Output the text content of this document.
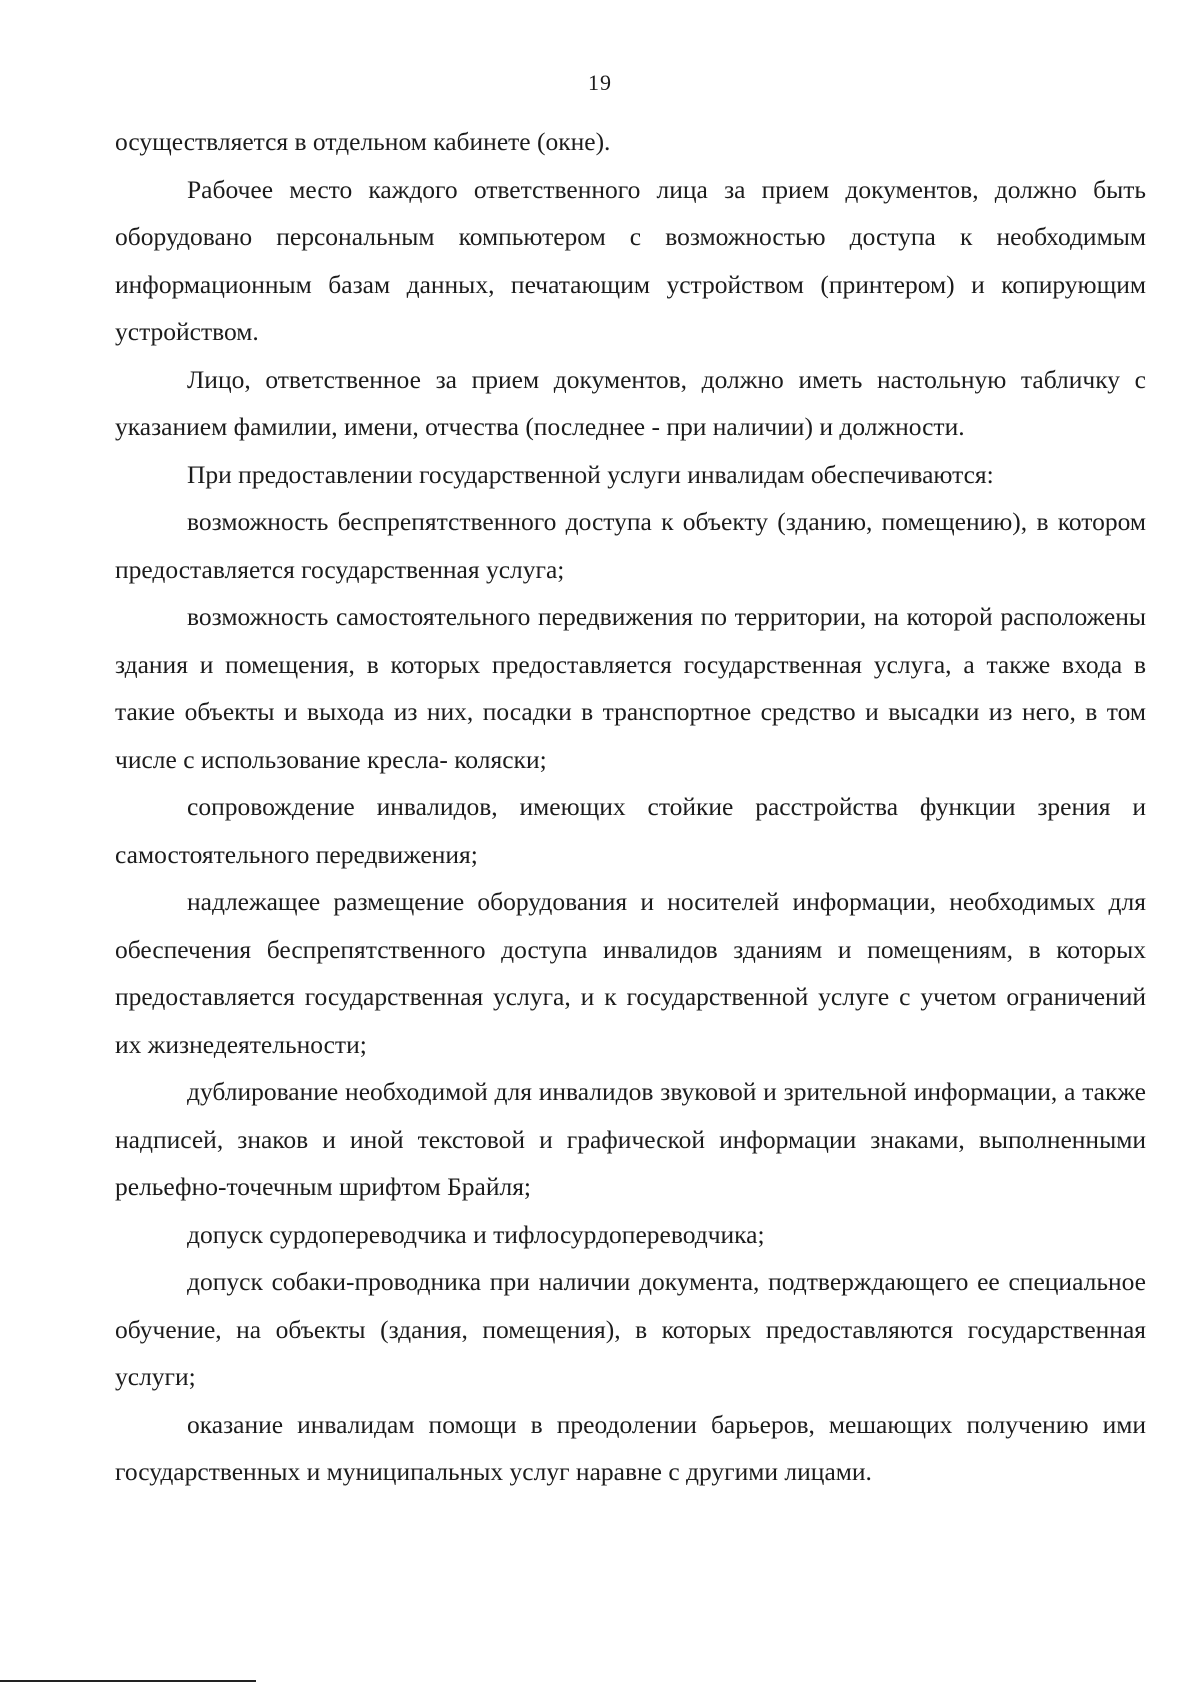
19

осуществляется в отдельном кабинете (окне).

Рабочее место каждого ответственного лица за прием документов, должно быть оборудовано персональным компьютером с возможностью доступа к необходимым информационным базам данных, печатающим устройством (принтером) и копирующим устройством.

Лицо, ответственное за прием документов, должно иметь настольную табличку с указанием фамилии, имени, отчества (последнее - при наличии) и должности.

При предоставлении государственной услуги инвалидам обеспечиваются:

возможность беспрепятственного доступа к объекту (зданию, помещению), в котором предоставляется государственная услуга;

возможность самостоятельного передвижения по территории, на которой расположены здания и помещения, в которых предоставляется государственная услуга, а также входа в такие объекты и выхода из них, посадки в транспортное средство и высадки из него, в том числе с использование кресла- коляски;

сопровождение инвалидов, имеющих стойкие расстройства функции зрения и самостоятельного передвижения;

надлежащее размещение оборудования и носителей информации, необходимых для обеспечения беспрепятственного доступа инвалидов зданиям и помещениям, в которых предоставляется государственная услуга, и к государственной услуге с учетом ограничений их жизнедеятельности;

дублирование необходимой для инвалидов звуковой и зрительной информации, а также надписей, знаков и иной текстовой и графической информации знаками, выполненными рельефно-точечным шрифтом Брайля;

допуск сурдопереводчика и тифлосурдопереводчика;

допуск собаки-проводника при наличии документа, подтверждающего ее специальное обучение, на объекты (здания, помещения), в которых предоставляются государственная услуги;

оказание инвалидам помощи в преодолении барьеров, мешающих получению ими государственных и муниципальных услуг наравне с другими лицами.
